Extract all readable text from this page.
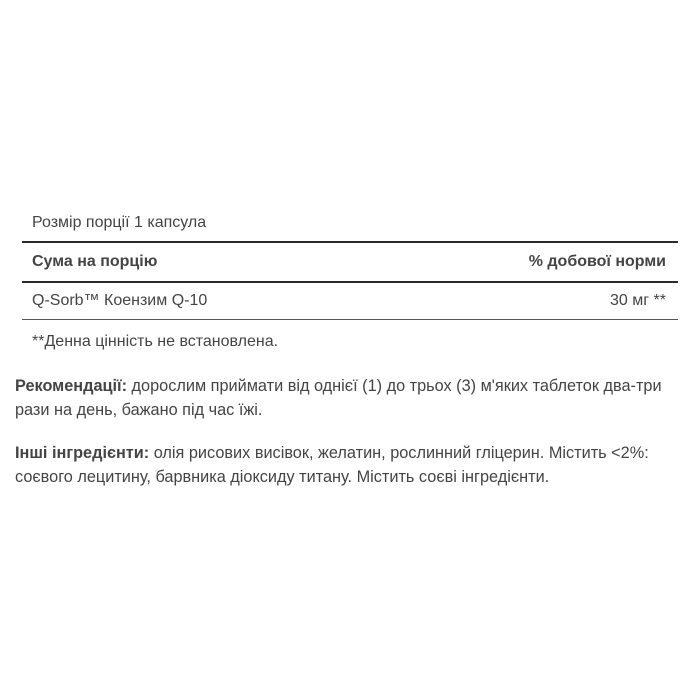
Розмір порції 1 капсула
Сума на порцію	% добової норми
Q-Sorb™ Коензим Q-10	30 мг **
**Денна цінність не встановлена.

Рекомендації: дорослим приймати від однієї (1) до трьох (3) м'яких таблеток два-три рази на день, бажано під час їжі.

Інші інгредієнти: олія рисових висівок, желатин, рослинний гліцерин. Містить <2%: соєвого лецитину, барвника діоксиду титану. Містить соєві інгредієнти.
